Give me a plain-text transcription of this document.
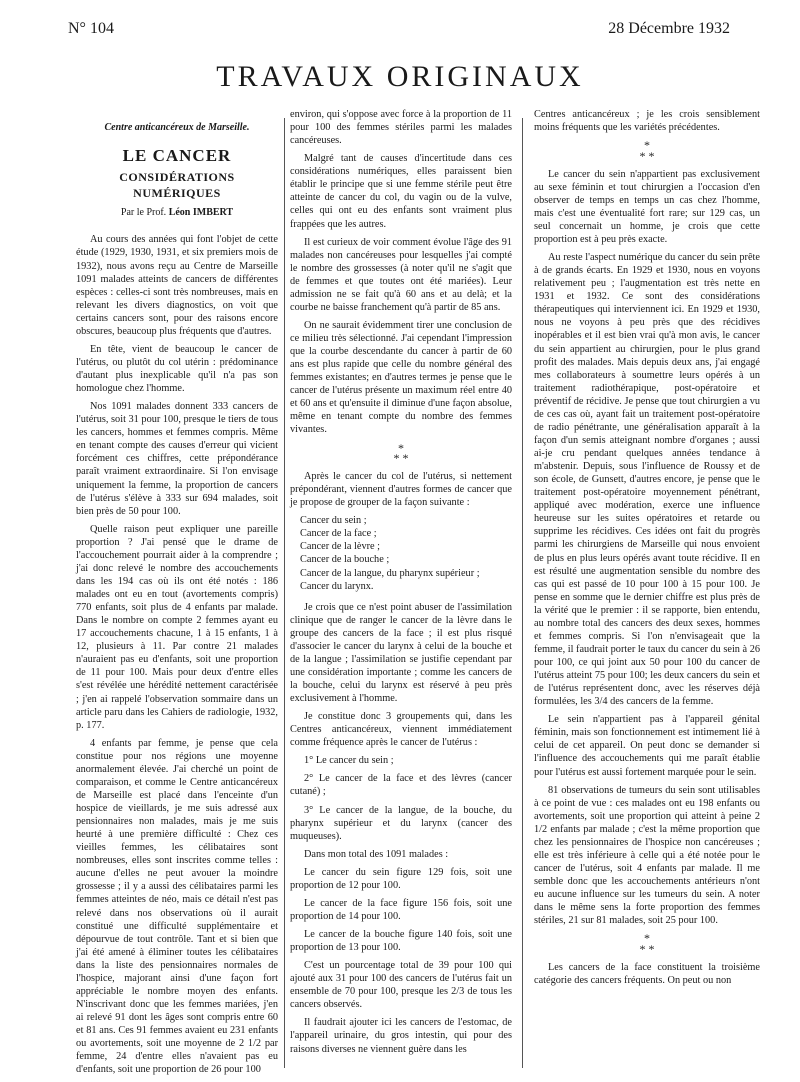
N° 104	28 Décembre 1932
TRAVAUX ORIGINAUX
Centre anticancéreux de Marseille.
LE CANCER
CONSIDÉRATIONS NUMÉRIQUES
Par le Prof. Léon IMBERT

Au cours des années qui font l'objet de cette étude (1929, 1930, 1931, et six premiers mois de 1932), nous avons reçu au Centre de Marseille 1091 malades atteints de cancers de différentes espèces : celles-ci sont très nombreuses, mais en relevant les divers diagnostics, on voit que certains cancers sont, pour des raisons encore obscures, beaucoup plus fréquents que d'autres.

En tête, vient de beaucoup le cancer de l'utérus, ou plutôt du col utérin : prédominance d'autant plus inexplicable qu'il n'a pas son homologue chez l'homme.

Nos 1091 malades donnent 333 cancers de l'utérus, soit 31 pour 100, presque le tiers de tous les cancers, hommes et femmes compris. Même en tenant compte des causes d'erreur qui vicient forcément ces chiffres, cette prépondérance paraît vraiment extraordinaire. Si l'on envisage uniquement la femme, la proportion de cancers de l'utérus s'élève à 333 sur 694 malades, soit bien près de 50 pour 100.

Quelle raison peut expliquer une pareille proportion ? J'ai pensé que le drame de l'accouchement pourrait aider à la comprendre ; j'ai donc relevé le nombre des accouchements dans les 194 cas où ils ont été notés : 186 malades ont eu en tout (avortements compris) 770 enfants, soit plus de 4 enfants par malade. Dans le nombre on compte 2 femmes ayant eu 17 accouchements chacune, 1 à 15 enfants, 1 à 12, plusieurs à 11. Par contre 21 malades n'auraient pas eu d'enfants, soit une proportion de 11 pour 100. Mais pour deux d'entre elles s'est révélée une hérédité nettement caractérisée ; j'en ai rappelé l'observation sommaire dans un article paru dans les Cahiers de radiologie, 1932, p. 177.

4 enfants par femme, je pense que cela constitue pour nos régions une moyenne anormalement élevée. J'ai cherché un point de comparaison, et comme le Centre anticancéreux de Marseille est placé dans l'enceinte d'un hospice de vieillards, je me suis adressé aux pensionnaires non malades, mais je me suis heurté à une première difficulté : Chez ces vieilles femmes, les célibataires sont nombreuses, elles sont inscrites comme telles : aucune d'elles ne peut avouer la moindre grossesse ; il y a aussi des célibataires parmi les femmes atteintes de néo, mais ce détail n'est pas relevé dans nos observations où il aurait constitué une difficulté supplémentaire et dépourvue de tout contrôle. Tant et si bien que j'ai été amené à éliminer toutes les célibataires dans la liste des pensionnaires normales de l'hospice, majorant ainsi d'une façon fort appréciable le nombre moyen des enfants. N'inscrivant donc que les femmes mariées, j'en ai relevé 91 dont les âges sont compris entre 60 et 81 ans. Ces 91 femmes avaient eu 231 enfants ou avortements, soit une moyenne de 2 1/2 par femme, 24 d'entre elles n'avaient pas eu d'enfants, soit une proportion de 26 pour 100

environ, qui s'oppose avec force à la proportion de 11 pour 100 des femmes stériles parmi les malades cancéreuses.

Malgré tant de causes d'incertitude dans ces considérations numériques, elles paraissent bien établir le principe que si une femme stérile peut être atteinte de cancer du col, du vagin ou de la vulve, celles qui ont eu des enfants sont vraiment plus frappées que les autres.

Il est curieux de voir comment évolue l'âge des 91 malades non cancéreuses pour lesquelles j'ai compté le nombre des grossesses (à noter qu'il ne s'agit que de femmes et que toutes ont été mariées). Leur admission ne se fait qu'à 60 ans et au delà; et la courbe ne baisse franchement qu'à partir de 85 ans.

On ne saurait évidemment tirer une conclusion de ce milieu très sélectionné. J'ai cependant l'impression que la courbe descendante du cancer à partir de 60 ans est plus rapide que celle du nombre général des femmes existantes; en d'autres termes je pense que le cancer de l'utérus présente un maximum réel entre 40 et 60 ans et qu'ensuite il diminue d'une façon absolue, même en tenant compte du nombre des femmes vivantes.

*
* *

Après le cancer du col de l'utérus, si nettement prépondérant, viennent d'autres formes de cancer que je propose de grouper de la façon suivante :

Cancer du sein ;
Cancer de la face ;
Cancer de la lèvre ;
Cancer de la bouche ;
Cancer de la langue, du pharynx supérieur ;
Cancer du larynx.

Je crois que ce n'est point abuser de l'assimilation clinique que de ranger le cancer de la lèvre dans le groupe des cancers de la face ; il est plus risqué d'associer le cancer du larynx à celui de la bouche et de la langue ; l'assimilation se justifie cependant par une considération importante ; comme les cancers de la bouche, celui du larynx est réservé à peu près exclusivement à l'homme.

Je constitue donc 3 groupements qui, dans les Centres anticancéreux, viennent immédiatement comme fréquence après le cancer de l'utérus :

1° Le cancer du sein ;

2° Le cancer de la face et des lèvres (cancer cutané) ;

3° Le cancer de la langue, de la bouche, du pharynx supérieur et du larynx (cancer des muqueuses).

Dans mon total des 1091 malades :

Le cancer du sein figure 129 fois, soit une proportion de 12 pour 100.

Le cancer de la face figure 156 fois, soit une proportion de 14 pour 100.

Le cancer de la bouche figure 140 fois, soit une proportion de 13 pour 100.

C'est un pourcentage total de 39 pour 100 qui ajouté aux 31 pour 100 des cancers de l'utérus fait un ensemble de 70 pour 100, presque les 2/3 de tous les cancers observés.

Il faudrait ajouter ici les cancers de l'estomac, de l'appareil urinaire, du gros intestin, qui pour des raisons diverses ne viennent guère dans les

Centres anticancéreux ; je les crois sensiblement moins fréquents que les variétés précédentes.

*
* *

Le cancer du sein n'appartient pas exclusivement au sexe féminin et tout chirurgien a l'occasion d'en observer de temps en temps un cas chez l'homme, mais c'est une éventualité fort rare; sur 129 cas, un seul concernait un homme, je crois que cette proportion est à peu près exacte.

Au reste l'aspect numérique du cancer du sein prête à de grands écarts. En 1929 et 1930, nous en voyons relativement peu ; l'augmentation est très nette en 1931 et 1932. Ce sont des considérations thérapeutiques qui interviennent ici. En 1929 et 1930, nous ne voyons à peu près que des récidives inopérables et il est bien vrai qu'à mon avis, le cancer du sein appartient au chirurgien, pour le plus grand profit des malades. Mais depuis deux ans, j'ai engagé mes collaborateurs à soumettre leurs opérés à un traitement radiothérapique, post-opératoire et préventif de récidive. Je pense que tout chirurgien a vu de ces cas où, ayant fait un traitement post-opératoire de radio pénétrante, une généralisation apparaît à la façon d'un semis atteignant nombre d'organes ; aussi ai-je cru pendant quelques années tendance à m'abstenir. Depuis, sous l'influence de Roussy et de son école, de Gunsett, d'autres encore, je pense que le traitement post-opératoire moyennement pénétrant, appliqué avec modération, exerce une influence heureuse sur les suites opératoires et retarde ou supprime les récidives. Ces idées ont fait du progrès parmi les chirurgiens de Marseille qui nous envoient de plus en plus leurs opérés avant toute récidive. Il en est résulté une augmentation sensible du nombre des cas qui est passé de 10 pour 100 à 15 pour 100. Je pense en somme que le dernier chiffre est plus près de la vérité que le premier : il se rapporte, bien entendu, au nombre total des cancers des deux sexes, hommes et femmes compris. Si l'on n'envisageait que la femme, il faudrait porter le taux du cancer du sein à 26 pour 100, ce qui joint aux 50 pour 100 du cancer de l'utérus atteint 75 pour 100; les deux cancers du sein et de l'utérus représentent donc, avec les réserves déjà formulées, les 3/4 des cancers de la femme.

Le sein n'appartient pas à l'appareil génital féminin, mais son fonctionnement est intimement lié à celui de cet appareil. On peut donc se demander si l'influence des accouchements qui me paraît établie pour l'utérus est aussi fortement marquée pour le sein.

81 observations de tumeurs du sein sont utilisables à ce point de vue : ces malades ont eu 198 enfants ou avortements, soit une proportion qui atteint à peine 2 1/2 enfants par malade ; c'est la même proportion que chez les pensionnaires de l'hospice non cancéreuses ; elle est très inférieure à celle qui a été notée pour le cancer de l'utérus, soit 4 enfants par malade. Il me semble donc que les accouchements antérieurs n'ont eu aucune influence sur les tumeurs du sein. A noter dans le même sens la forte proportion des femmes stériles, 21 sur 81 malades, soit 25 pour 100.

*
* *

Les cancers de la face constituent la troisième catégorie des cancers fréquents. On peut ou non
